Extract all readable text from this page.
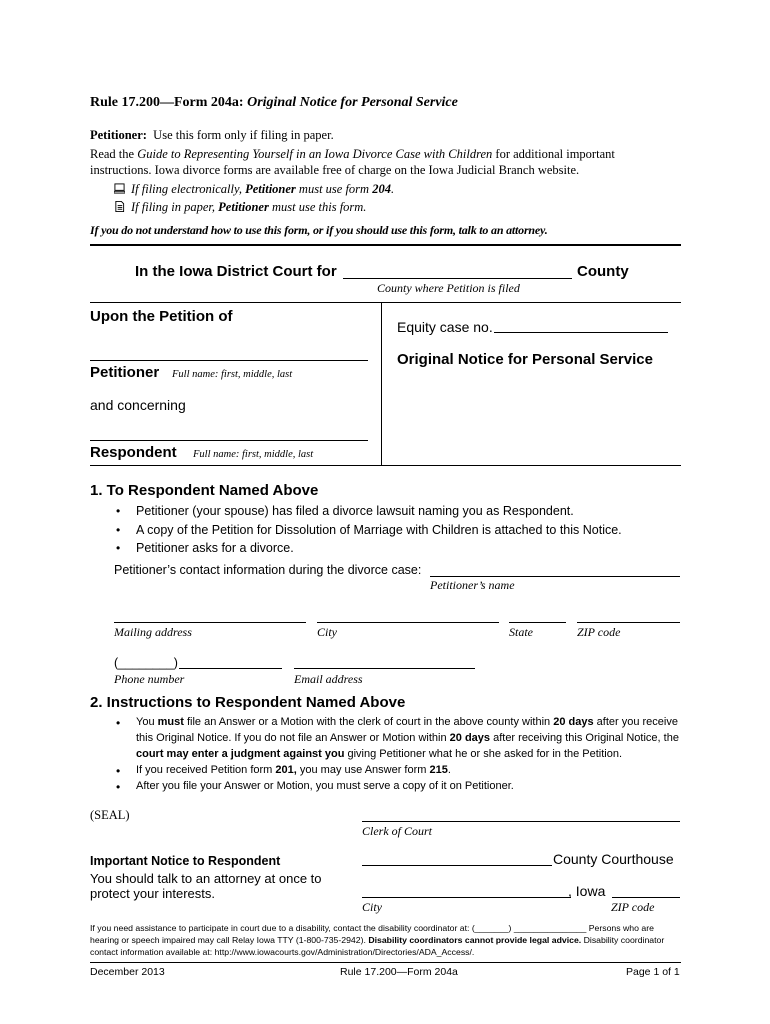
Rule 17.200—Form 204a: Original Notice for Personal Service
Petitioner: Use this form only if filing in paper.
Read the Guide to Representing Yourself in an Iowa Divorce Case with Children for additional important
instructions. Iowa divorce forms are available free of charge on the Iowa Judicial Branch website.
If filing electronically, Petitioner must use form 204.
If filing in paper, Petitioner must use this form.
If you do not understand how to use this form, or if you should use this form, talk to an attorney.
In the Iowa District Court for	County
County where Petition is filed
Upon the Petition of
Petitioner Full name: first, middle, last
and concerning
Respondent Full name: first, middle, last
Equity case no.
Original Notice for Personal Service
1. To Respondent Named Above
• Petitioner (your spouse) has filed a divorce lawsuit naming you as Respondent.
• A copy of the Petition for Dissolution of Marriage with Children is attached to this Notice.
• Petitioner asks for a divorce.
Petitioner’s contact information during the divorce case:
Petitioner’s name
Mailing address	City	State	ZIP code
(________)
Phone number	Email address
2. Instructions to Respondent Named Above
• You must file an Answer or a Motion with the clerk of court in the above county within 20 days after you receive
this Original Notice. If you do not file an Answer or Motion within 20 days after receiving this Original Notice, the
court may enter a judgment against you giving Petitioner what he or she asked for in the Petition.
• If you received Petition form 201, you may use Answer form 215.
• After you file your Answer or Motion, you must serve a copy of it on Petitioner.
(SEAL)
Clerk of Court
County Courthouse
, Iowa
City	ZIP code
Important Notice to Respondent
You should talk to an attorney at once to
protect your interests.
If you need assistance to participate in court due to a disability, contact the disability coordinator at: (_______) _______________ Persons who are
hearing or speech impaired may call Relay Iowa TTY (1-800-735-2942). Disability coordinators cannot provide legal advice. Disability coordinator
contact information available at: http://www.iowacourts.gov/Administration/Directories/ADA_Access/.
December 2013	Rule 17.200—Form 204a	Page 1 of 1
